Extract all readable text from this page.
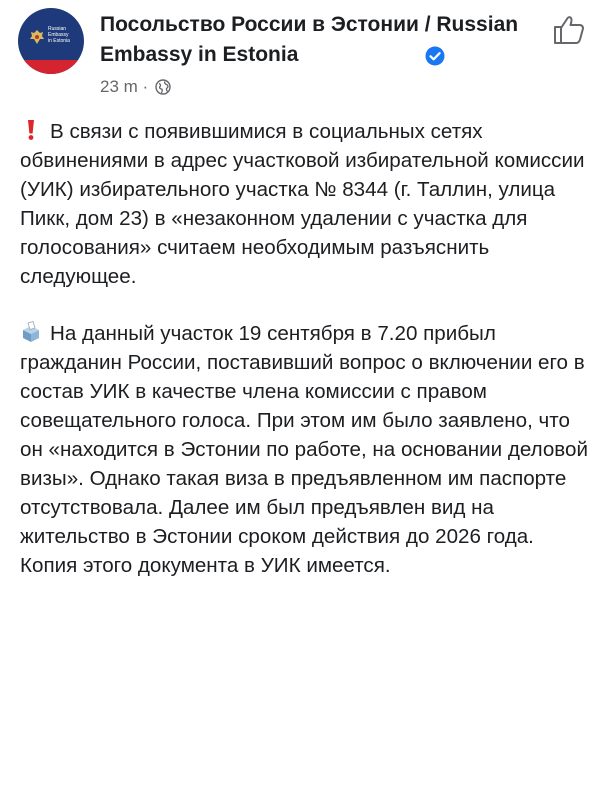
Russian
Embassy
in Estonia
Посольство России в Эстонии / Russian Embassy in Estonia
23 m ·

В связи с появившимися в социальных сетях обвинениями в адрес участковой избирательной комиссии (УИК) избирательного участка № 8344 (г. Таллин, улица Пикк, дом 23) в «незаконном удалении с участка для голосования» считаем необходимым разъяснить следующее.

На данный участок 19 сентября в 7.20 прибыл гражданин России, поставивший вопрос о включении его в состав УИК в качестве члена комиссии с правом совещательного голоса. При этом им было заявлено, что он «находится в Эстонии по работе, на основании деловой визы». Однако такая виза в предъявленном им паспорте отсутствовала. Далее им был предъявлен вид на жительство в Эстонии сроком действия до 2026 года. Копия этого документа в УИК имеется.
